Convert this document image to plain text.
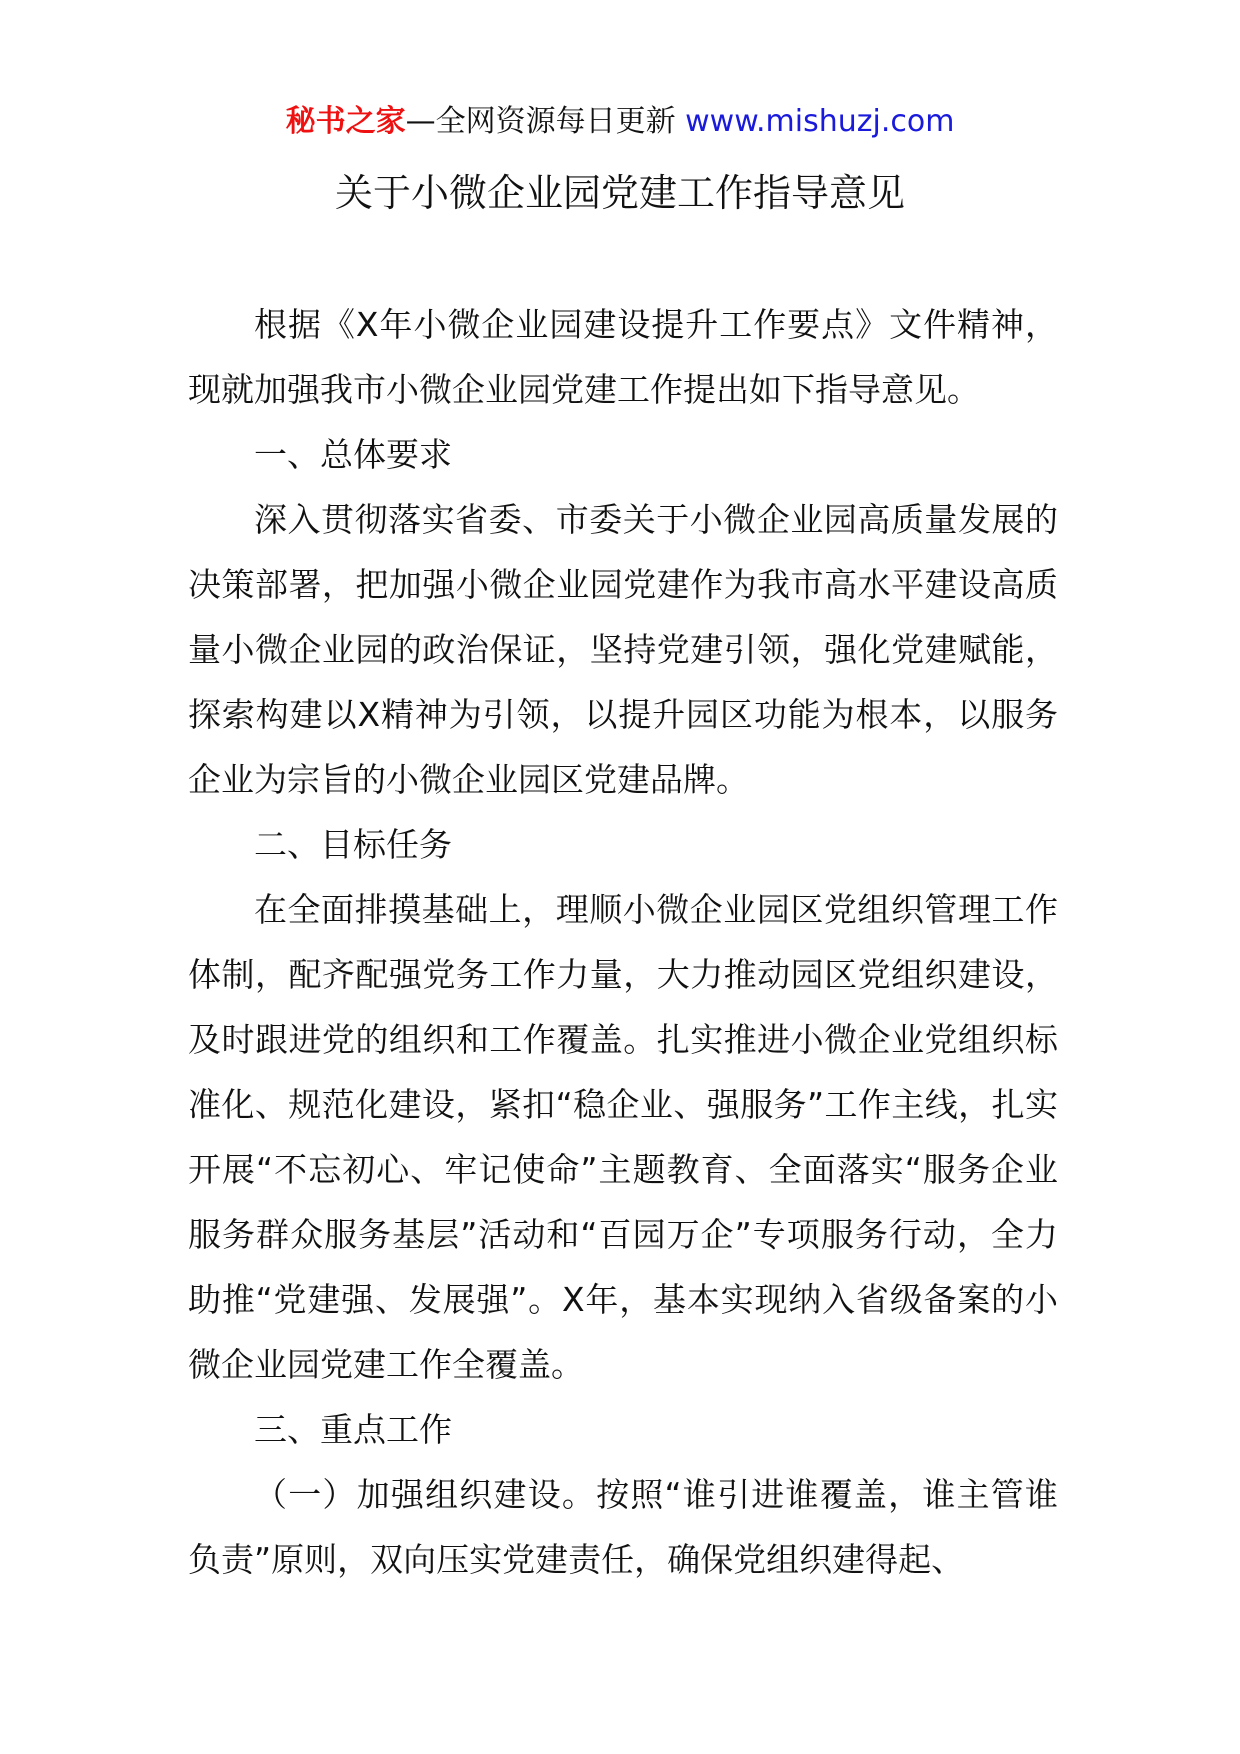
秘书之家—全网资源每日更新 www.mishuzj.com
关于小微企业园党建工作指导意见

根据《X年小微企业园建设提升工作要点》文件精神，现就加强我市小微企业园党建工作提出如下指导意见。

一、总体要求

深入贯彻落实省委、市委关于小微企业园高质量发展的决策部署，把加强小微企业园党建作为我市高水平建设高质量小微企业园的政治保证，坚持党建引领，强化党建赋能，探索构建以X精神为引领，以提升园区功能为根本，以服务企业为宗旨的小微企业园区党建品牌。

二、目标任务

在全面排摸基础上，理顺小微企业园区党组织管理工作体制，配齐配强党务工作力量，大力推动园区党组织建设，及时跟进党的组织和工作覆盖。扎实推进小微企业党组织标准化、规范化建设，紧扣“稳企业、强服务”工作主线，扎实开展“不忘初心、牢记使命”主题教育、全面落实“服务企业服务群众服务基层”活动和“百园万企”专项服务行动，全力助推“党建强、发展强”。X年，基本实现纳入省级备案的小微企业园党建工作全覆盖。

三、重点工作

（一）加强组织建设。按照“谁引进谁覆盖，谁主管谁负责”原则，双向压实党建责任，确保党组织建得起、
